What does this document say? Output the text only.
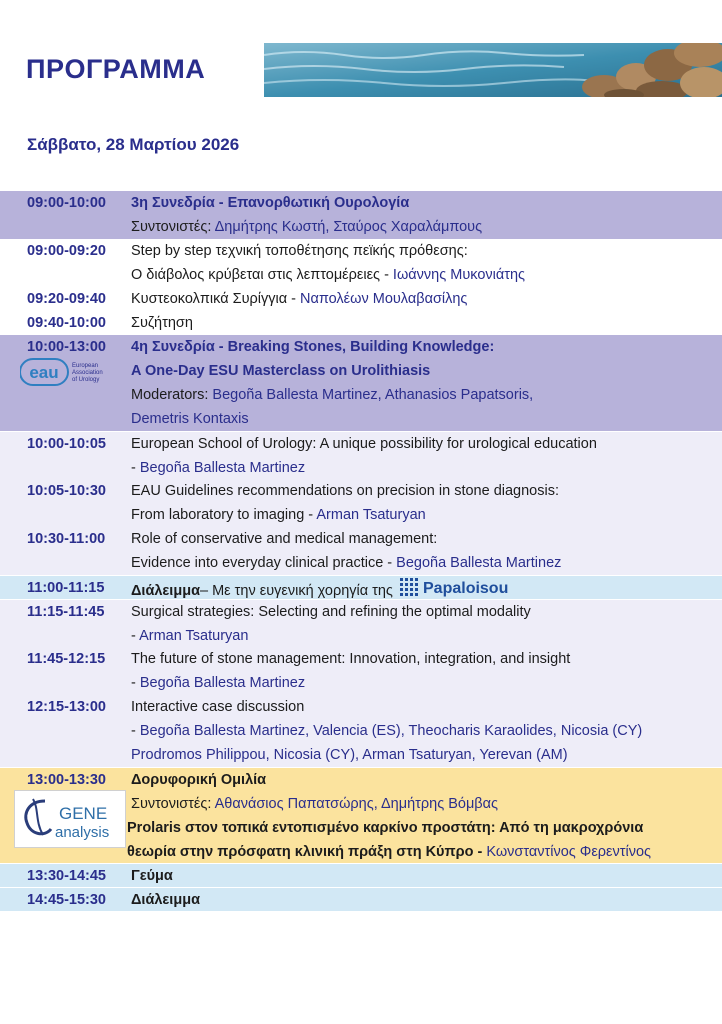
ΠΡΟΓΡΑΜΜΑ
Σάββατο, 28 Μαρτίου 2026
09:00-10:00 3η Συνεδρία - Επανορθωτική Ουρολογία
Συντονιστές: Δημήτρης Κωστή, Σταύρος Χαραλάμπους
09:00-09:20 Step by step τεχνική τοποθέτησης πεϊκής πρόθεσης:
Ο διάβολος κρύβεται στις λεπτομέρειες - Ιωάννης Μυκονιάτης
09:20-09:40 Κυστεοκολπικά Συρίγγια - Ναπολέων Μουλαβασίλης
09:40-10:00 Συζήτηση
10:00-13:00
eau European
Association
of Urology
4η Συνεδρία - Breaking Stones, Building Knowledge:
A One-Day ESU Masterclass on Urolithiasis
Moderators: Begoña Ballesta Martinez, Athanasios Papatsoris,
Demetris Kontaxis
10:00-10:05 European School of Urology: A unique possibility for urological education
- Begoña Ballesta Martinez
10:05-10:30 EAU Guidelines recommendations on precision in stone diagnosis:
From laboratory to imaging - Arman Tsaturyan
10:30-11:00 Role of conservative and medical management:
Evidence into everyday clinical practice - Begoña Ballesta Martinez
11:00-11:15 Διάλειμμα– Με την ευγενική χορηγία της Papaloisou
11:15-11:45 Surgical strategies: Selecting and refining the optimal modality
- Arman Tsaturyan
11:45-12:15 The future of stone management: Innovation, integration, and insight
- Begoña Ballesta Martinez
12:15-13:00 Interactive case discussion
- Begoña Ballesta Martinez, Valencia (ES), Theocharis Karaolides, Nicosia (CY)
Prodromos Philippou, Nicosia (CY), Arman Tsaturyan, Yerevan (AM)
13:00-13:30
GENE
analysis
Δορυφορική Ομιλία
Συντονιστές: Αθανάσιος Παπατσώρης, Δημήτρης Βόμβας
Prolaris στον τοπικά εντοπισμένο καρκίνο προστάτη: Από τη μακροχρόνια
θεωρία στην πρόσφατη κλινική πράξη στη Κύπρο - Κωνσταντίνος Φερεντίνος
13:30-14:45 Γεύμα
14:45-15:30 Διάλειμμα
